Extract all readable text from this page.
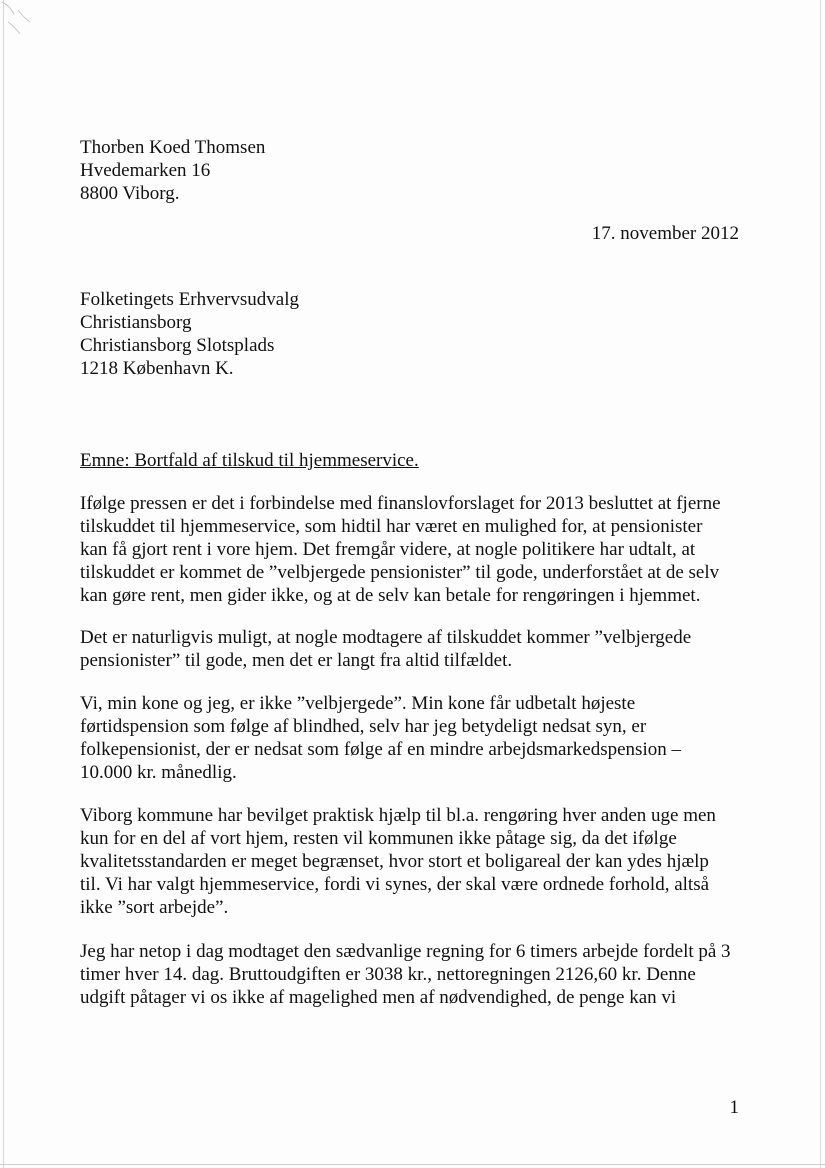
Thorben Koed Thomsen
Hvedemarken 16
8800 Viborg.
17. november 2012
Folketingets Erhvervsudvalg
Christiansborg
Christiansborg Slotsplads
1218 København K.
Emne: Bortfald af tilskud til hjemmeservice.
Ifølge pressen er det i forbindelse med finanslovforslaget for 2013 besluttet at fjerne
tilskuddet til hjemmeservice, som hidtil har været en mulighed for, at pensionister
kan få gjort rent i vore hjem. Det fremgår videre, at nogle politikere har udtalt, at
tilskuddet er kommet de ”velbjergede pensionister” til gode, underforstået at de selv
kan gøre rent, men gider ikke, og at de selv kan betale for rengøringen i hjemmet.
Det er naturligvis muligt, at nogle modtagere af tilskuddet kommer ”velbjergede
pensionister” til gode, men det er langt fra altid tilfældet.
Vi, min kone og jeg, er ikke ”velbjergede”. Min kone får udbetalt højeste
førtidspension som følge af blindhed, selv har jeg betydeligt nedsat syn, er
folkepensionist, der er nedsat som følge af en mindre arbejdsmarkedspension –
10.000 kr. månedlig.
Viborg kommune har bevilget praktisk hjælp til bl.a. rengøring hver anden uge men
kun for en del af vort hjem, resten vil kommunen ikke påtage sig, da det ifølge
kvalitetsstandarden er meget begrænset, hvor stort et boligareal der kan ydes hjælp
til. Vi har valgt hjemmeservice, fordi vi synes, der skal være ordnede forhold, altså
ikke ”sort arbejde”.
Jeg har netop i dag modtaget den sædvanlige regning for 6 timers arbejde fordelt på 3
timer hver 14. dag. Bruttoudgiften er 3038 kr., nettoregningen 2126,60 kr. Denne
udgift påtager vi os ikke af magelighed men af nødvendighed, de penge kan vi
1
